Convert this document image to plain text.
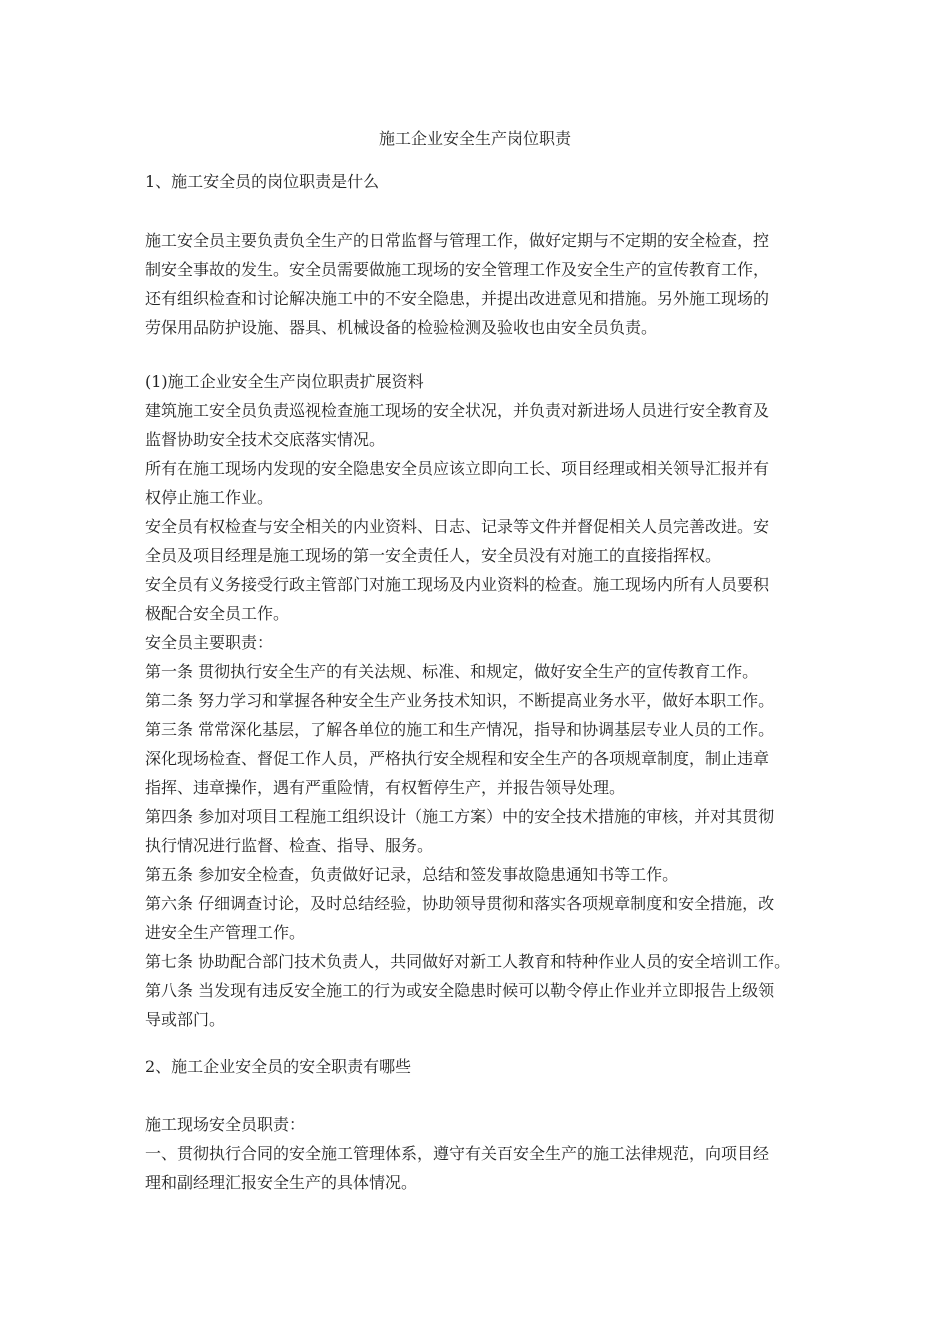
施工企业安全生产岗位职责
1、施工安全员的岗位职责是什么
施工安全员主要负责负全生产的日常监督与管理工作，做好定期与不定期的安全检查，控
制安全事故的发生。安全员需要做施工现场的安全管理工作及安全生产的宣传教育工作，
还有组织检查和讨论解决施工中的不安全隐患，并提出改进意见和措施。另外施工现场的
劳保用品防护设施、器具、机械设备的检验检测及验收也由安全员负责。
(1)施工企业安全生产岗位职责扩展资料
建筑施工安全员负责巡视检查施工现场的安全状况，并负责对新进场人员进行安全教育及
监督协助安全技术交底落实情况。
所有在施工现场内发现的安全隐患安全员应该立即向工长、项目经理或相关领导汇报并有
权停止施工作业。
安全员有权检查与安全相关的内业资料、日志、记录等文件并督促相关人员完善改进。安
全员及项目经理是施工现场的第一安全责任人，安全员没有对施工的直接指挥权。
安全员有义务接受行政主管部门对施工现场及内业资料的检查。施工现场内所有人员要积
极配合安全员工作。
安全员主要职责：
第一条 贯彻执行安全生产的有关法规、标准、和规定，做好安全生产的宣传教育工作。
第二条 努力学习和掌握各种安全生产业务技术知识，不断提高业务水平，做好本职工作。
第三条 常常深化基层，了解各单位的施工和生产情况，指导和协调基层专业人员的工作。
深化现场检查、督促工作人员，严格执行安全规程和安全生产的各项规章制度，制止违章
指挥、违章操作，遇有严重险情，有权暂停生产，并报告领导处理。
第四条 参加对项目工程施工组织设计（施工方案）中的安全技术措施的审核，并对其贯彻
执行情况进行监督、检查、指导、服务。
第五条 参加安全检查，负责做好记录，总结和签发事故隐患通知书等工作。
第六条 仔细调查讨论，及时总结经验，协助领导贯彻和落实各项规章制度和安全措施，改
进安全生产管理工作。
第七条 协助配合部门技术负责人，共同做好对新工人教育和特种作业人员的安全培训工作。
第八条 当发现有违反安全施工的行为或安全隐患时候可以勒令停止作业并立即报告上级领
导或部门。
2、施工企业安全员的安全职责有哪些
施工现场安全员职责：
一、贯彻执行合同的安全施工管理体系，遵守有关百安全生产的施工法律规范，向项目经
理和副经理汇报安全生产的具体情况。
